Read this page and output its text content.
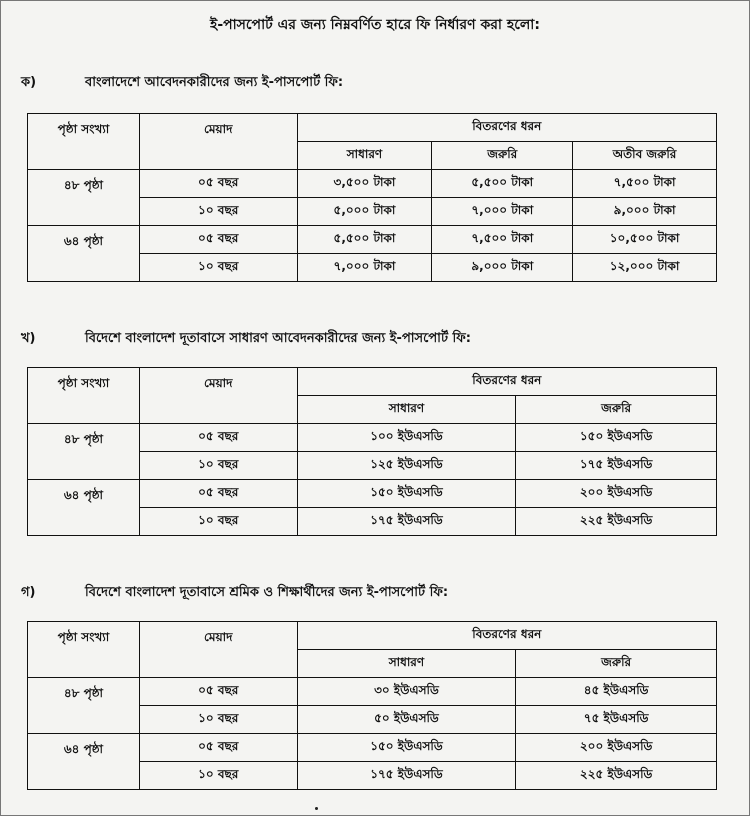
ই-পাসপোর্ট এর জন্য নিম্নবর্ণিত হারে ফি নির্ধারণ করা হলো:
ক)	বাংলাদেশে আবেদনকারীদের জন্য ই-পাসপোর্ট ফি:
পৃষ্ঠা সংখ্যা	মেয়াদ	বিতরণের ধরন		
		সাধারণ	জরুরি	অতীব জরুরি
৪৮ পৃষ্ঠা	০৫ বছর	৩,৫০০ টাকা	৫,৫০০ টাকা	৭,৫০০ টাকা
	১০ বছর	৫,০০০ টাকা	৭,০০০ টাকা	৯,০০০ টাকা
৬৪ পৃষ্ঠা	০৫ বছর	৫,৫০০ টাকা	৭,৫০০ টাকা	১০,৫০০ টাকা
	১০ বছর	৭,০০০ টাকা	৯,০০০ টাকা	১২,০০০ টাকা
খ)	বিদেশে বাংলাদেশ দূতাবাসে সাধারণ আবেদনকারীদের জন্য ই-পাসপোর্ট ফি:
পৃষ্ঠা সংখ্যা	মেয়াদ	বিতরণের ধরন	
		সাধারণ	জরুরি
৪৮ পৃষ্ঠা	০৫ বছর	১০০ ইউএসডি	১৫০ ইউএসডি
	১০ বছর	১২৫ ইউএসডি	১৭৫ ইউএসডি
৬৪ পৃষ্ঠা	০৫ বছর	১৫০ ইউএসডি	২০০ ইউএসডি
	১০ বছর	১৭৫ ইউএসডি	২২৫ ইউএসডি
গ)	বিদেশে বাংলাদেশ দূতাবাসে শ্রমিক ও শিক্ষার্থীদের জন্য ই-পাসপোর্ট ফি:
পৃষ্ঠা সংখ্যা	মেয়াদ	বিতরণের ধরন	
		সাধারণ	জরুরি
৪৮ পৃষ্ঠা	০৫ বছর	৩০ ইউএসডি	৪৫ ইউএসডি
	১০ বছর	৫০ ইউএসডি	৭৫ ইউএসডি
৬৪ পৃষ্ঠা	০৫ বছর	১৫০ ইউএসডি	২০০ ইউএসডি
	১০ বছর	১৭৫ ইউএসডি	২২৫ ইউএসডি
